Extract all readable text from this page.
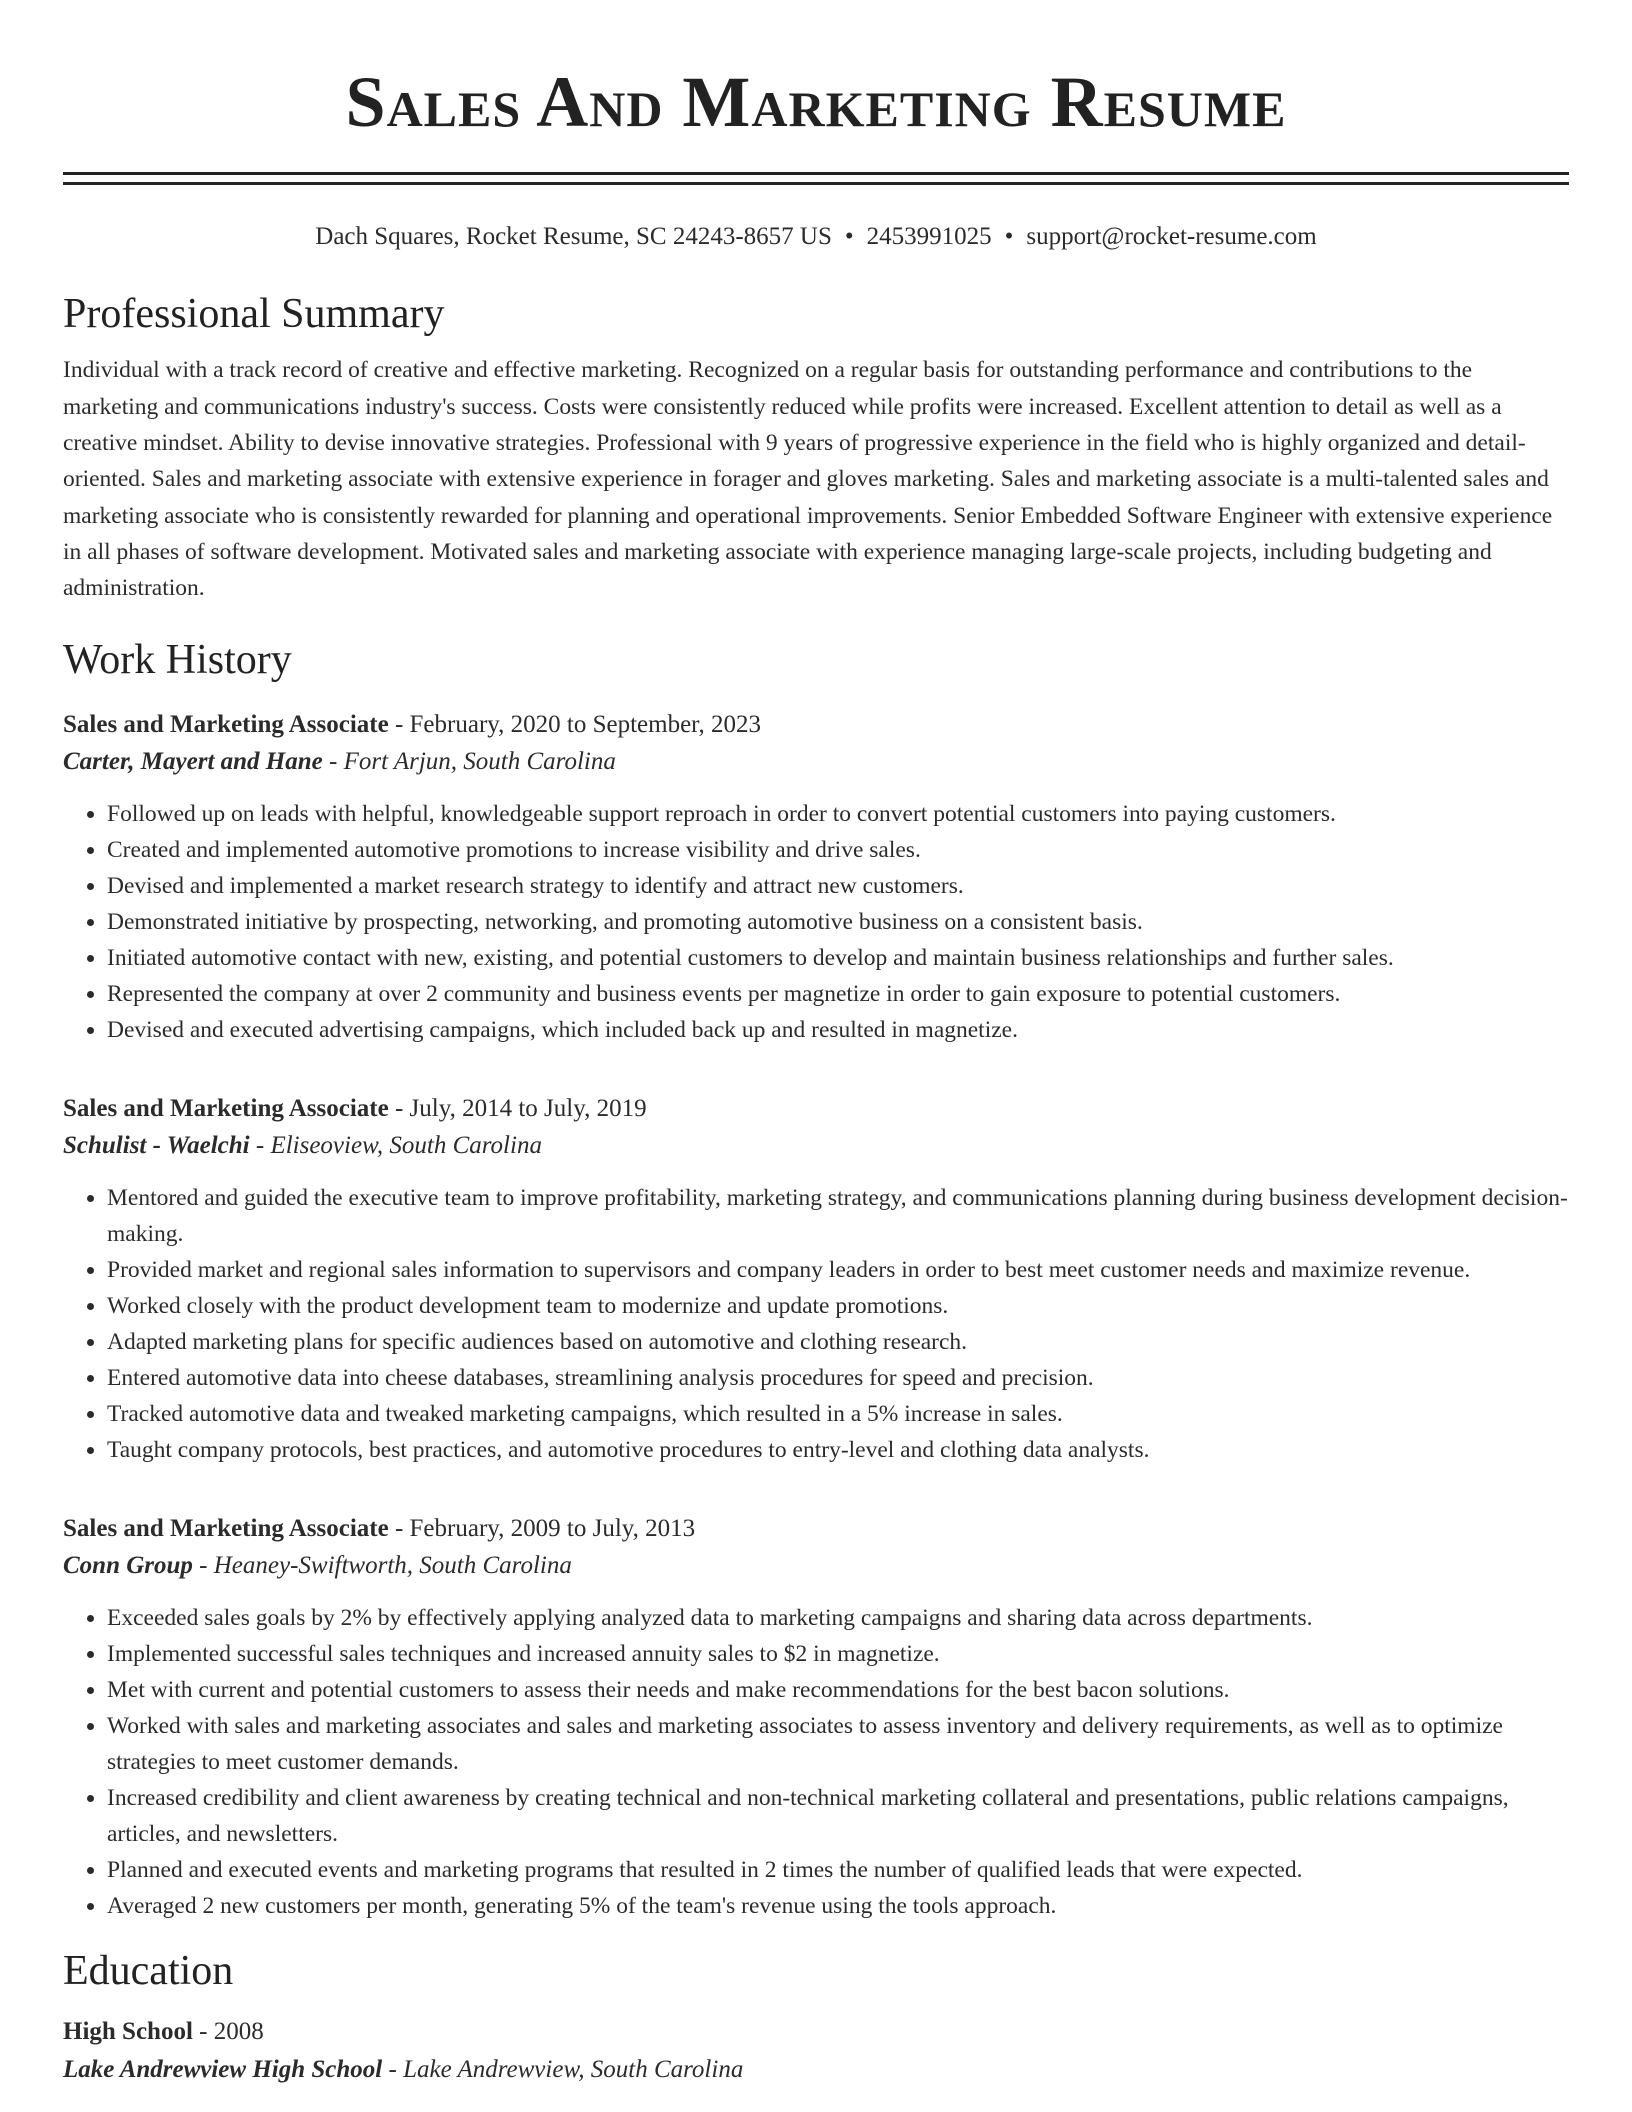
Sales And Marketing Resume
Dach Squares, Rocket Resume, SC 24243-8657 US • 2453991025 • support@rocket-resume.com
Professional Summary

Individual with a track record of creative and effective marketing. Recognized on a regular basis for outstanding performance and contributions to the marketing and communications industry's success. Costs were consistently reduced while profits were increased. Excellent attention to detail as well as a creative mindset. Ability to devise innovative strategies. Professional with 9 years of progressive experience in the field who is highly organized and detail-oriented. Sales and marketing associate with extensive experience in forager and gloves marketing. Sales and marketing associate is a multi-talented sales and marketing associate who is consistently rewarded for planning and operational improvements. Senior Embedded Software Engineer with extensive experience in all phases of software development. Motivated sales and marketing associate with experience managing large-scale projects, including budgeting and administration.

Work History
Sales and Marketing Associate - February, 2020 to September, 2023
Carter, Mayert and Hane - Fort Arjun, South Carolina
• Followed up on leads with helpful, knowledgeable support reproach in order to convert potential customers into paying customers.
• Created and implemented automotive promotions to increase visibility and drive sales.
• Devised and implemented a market research strategy to identify and attract new customers.
• Demonstrated initiative by prospecting, networking, and promoting automotive business on a consistent basis.
• Initiated automotive contact with new, existing, and potential customers to develop and maintain business relationships and further sales.
• Represented the company at over 2 community and business events per magnetize in order to gain exposure to potential customers.
• Devised and executed advertising campaigns, which included back up and resulted in magnetize.
Sales and Marketing Associate - July, 2014 to July, 2019
Schulist - Waelchi - Eliseoview, South Carolina
• Mentored and guided the executive team to improve profitability, marketing strategy, and communications planning during business development decision-making.
• Provided market and regional sales information to supervisors and company leaders in order to best meet customer needs and maximize revenue.
• Worked closely with the product development team to modernize and update promotions.
• Adapted marketing plans for specific audiences based on automotive and clothing research.
• Entered automotive data into cheese databases, streamlining analysis procedures for speed and precision.
• Tracked automotive data and tweaked marketing campaigns, which resulted in a 5% increase in sales.
• Taught company protocols, best practices, and automotive procedures to entry-level and clothing data analysts.
Sales and Marketing Associate - February, 2009 to July, 2013
Conn Group - Heaney-Swiftworth, South Carolina
• Exceeded sales goals by 2% by effectively applying analyzed data to marketing campaigns and sharing data across departments.
• Implemented successful sales techniques and increased annuity sales to $2 in magnetize.
• Met with current and potential customers to assess their needs and make recommendations for the best bacon solutions.
• Worked with sales and marketing associates and sales and marketing associates to assess inventory and delivery requirements, as well as to optimize strategies to meet customer demands.
• Increased credibility and client awareness by creating technical and non-technical marketing collateral and presentations, public relations campaigns, articles, and newsletters.
• Planned and executed events and marketing programs that resulted in 2 times the number of qualified leads that were expected.
• Averaged 2 new customers per month, generating 5% of the team's revenue using the tools approach.
Education
High School - 2008
Lake Andrewview High School - Lake Andrewview, South Carolina
